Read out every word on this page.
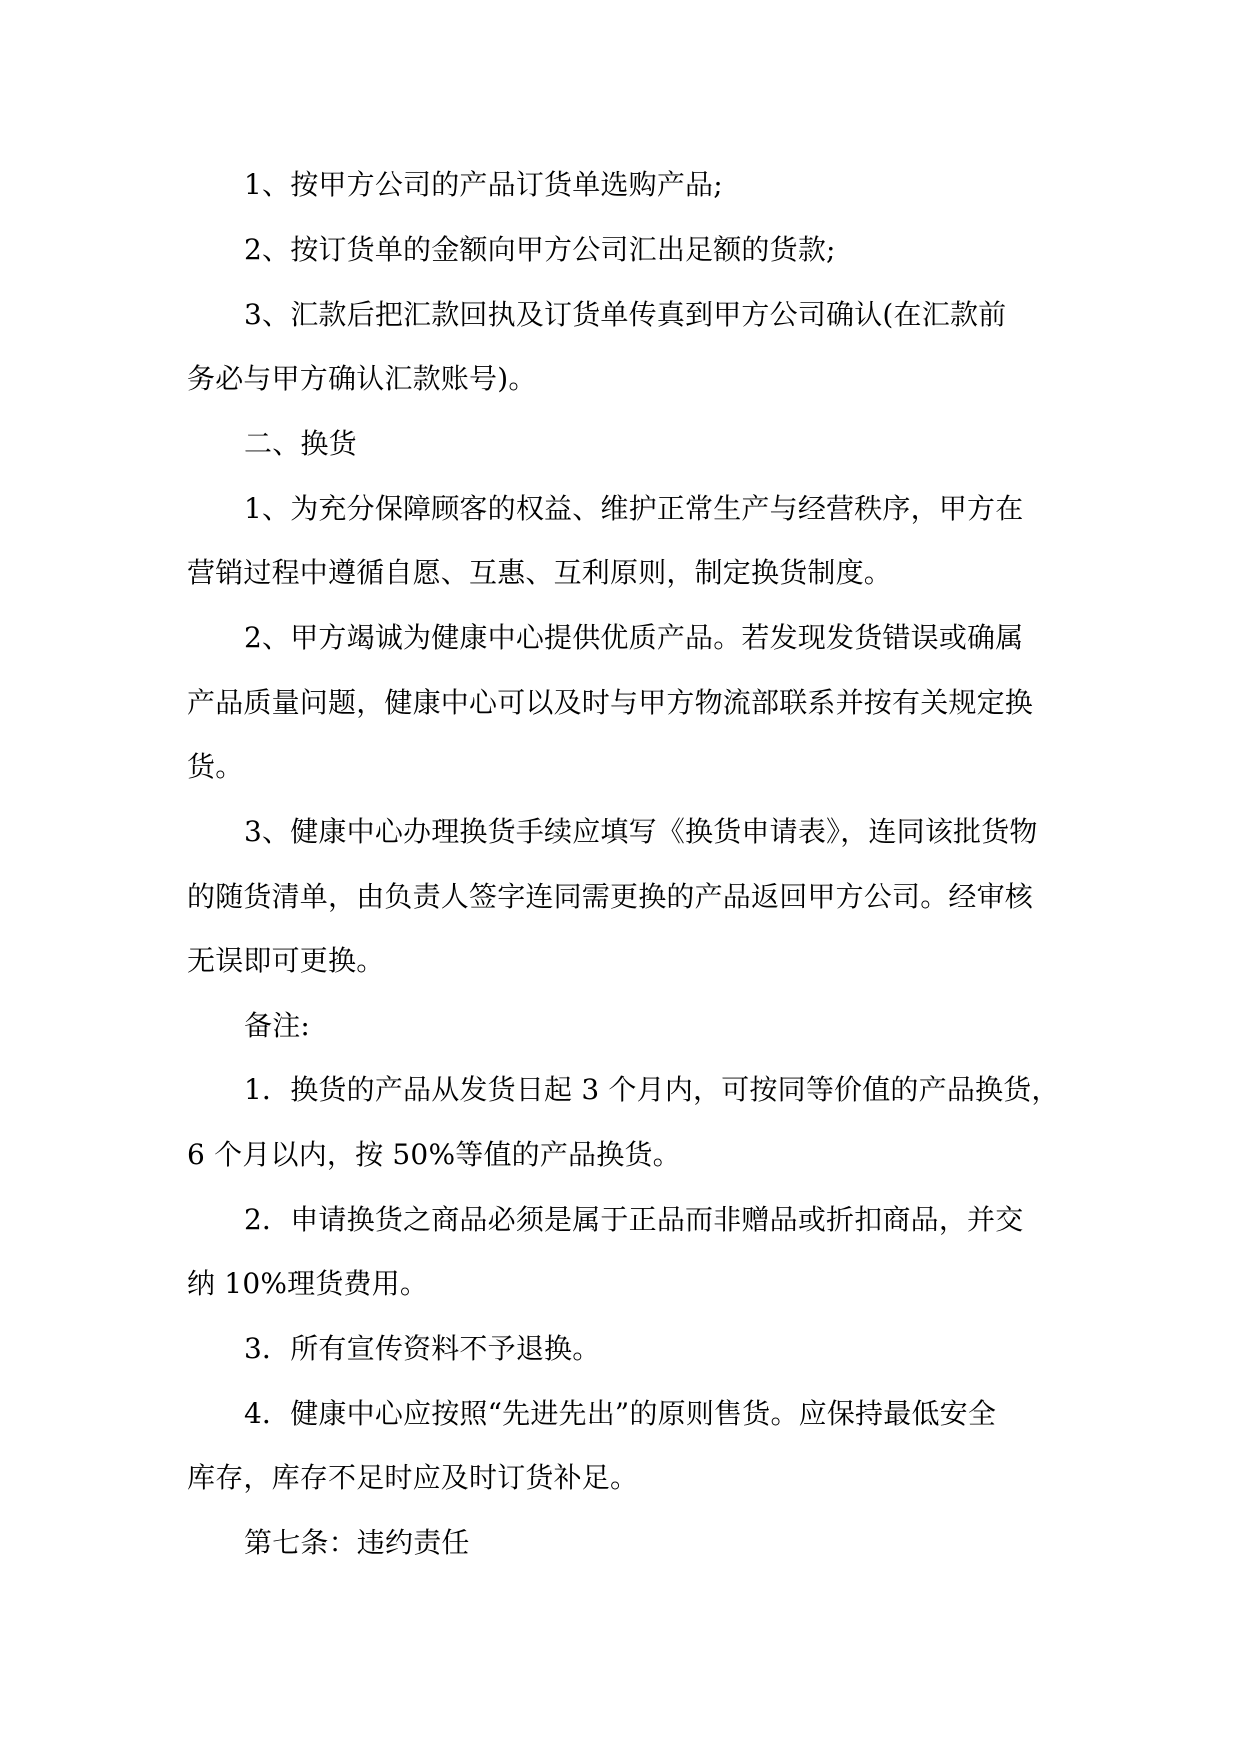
1、按甲方公司的产品订货单选购产品;
2、按订货单的金额向甲方公司汇出足额的货款;
3、汇款后把汇款回执及订货单传真到甲方公司确认(在汇款前
务必与甲方确认汇款账号)。
二、换货
1、为充分保障顾客的权益、维护正常生产与经营秩序，甲方在
营销过程中遵循自愿、互惠、互利原则，制定换货制度。
2、甲方竭诚为健康中心提供优质产品。若发现发货错误或确属
产品质量问题，健康中心可以及时与甲方物流部联系并按有关规定换
货。
3、健康中心办理换货手续应填写《换货申请表》，连同该批货物
的随货清单，由负责人签字连同需更换的产品返回甲方公司。经审核
无误即可更换。
备注:
1．换货的产品从发货日起 3 个月内，可按同等价值的产品换货，
6 个月以内，按 50%等值的产品换货。
2．申请换货之商品必须是属于正品而非赠品或折扣商品，并交
纳 10%理货费用。
3．所有宣传资料不予退换。
4．健康中心应按照“先进先出”的原则售货。应保持最低安全
库存，库存不足时应及时订货补足。
第七条：违约责任
